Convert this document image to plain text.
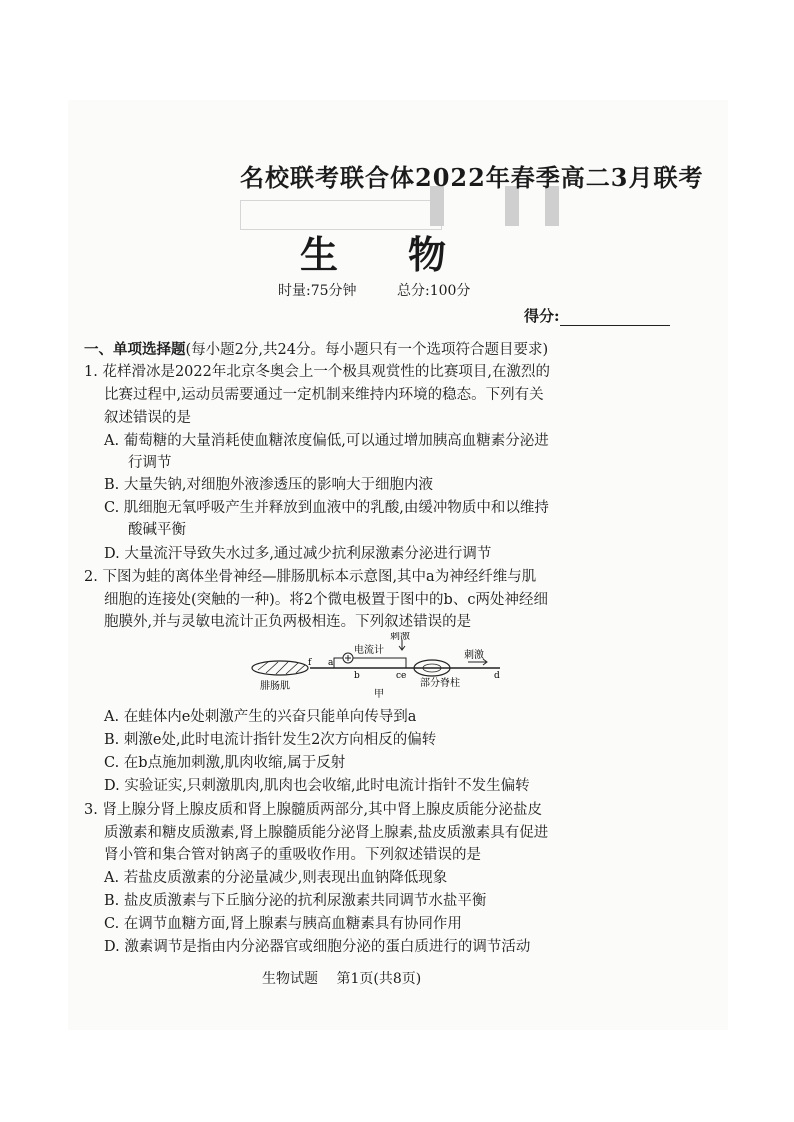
名校联考联合体2022年春季高二3月联考
生物
时量:75分钟	总分:100分
得分:
一、单项选择题(每小题2分,共24分。每小题只有一个选项符合题目要求)
1. 花样滑冰是2022年北京冬奥会上一个极具观赏性的比赛项目,在激烈的
比赛过程中,运动员需要通过一定机制来维持内环境的稳态。下列有关
叙述错误的是
A. 葡萄糖的大量消耗使血糖浓度偏低,可以通过增加胰高血糖素分泌进
行调节
B. 大量失钠,对细胞外液渗透压的影响大于细胞内液
C. 肌细胞无氧呼吸产生并释放到血液中的乳酸,由缓冲物质中和以维持
酸碱平衡
D. 大量流汗导致失水过多,通过减少抗利尿激素分泌进行调节
2. 下图为蛙的离体坐骨神经—腓肠肌标本示意图,其中a为神经纤维与肌
细胞的连接处(突触的一种)。将2个微电极置于图中的b、c两处神经细
胞膜外,并与灵敏电流计正负两极相连。下列叙述错误的是
刺激
电流计	刺激
f a
b	ce	d
腓肠肌	部分脊柱
甲
A. 在蛙体内e处刺激产生的兴奋只能单向传导到a
B. 刺激e处,此时电流计指针发生2次方向相反的偏转
C. 在b点施加刺激,肌肉收缩,属于反射
D. 实验证实,只刺激肌肉,肌肉也会收缩,此时电流计指针不发生偏转
3. 肾上腺分肾上腺皮质和肾上腺髓质两部分,其中肾上腺皮质能分泌盐皮
质激素和糖皮质激素,肾上腺髓质能分泌肾上腺素,盐皮质激素具有促进
肾小管和集合管对钠离子的重吸收作用。下列叙述错误的是
A. 若盐皮质激素的分泌量减少,则表现出血钠降低现象
B. 盐皮质激素与下丘脑分泌的抗利尿激素共同调节水盐平衡
C. 在调节血糖方面,肾上腺素与胰高血糖素具有协同作用
D. 激素调节是指由内分泌器官或细胞分泌的蛋白质进行的调节活动
生物试题 第1页(共8页)
